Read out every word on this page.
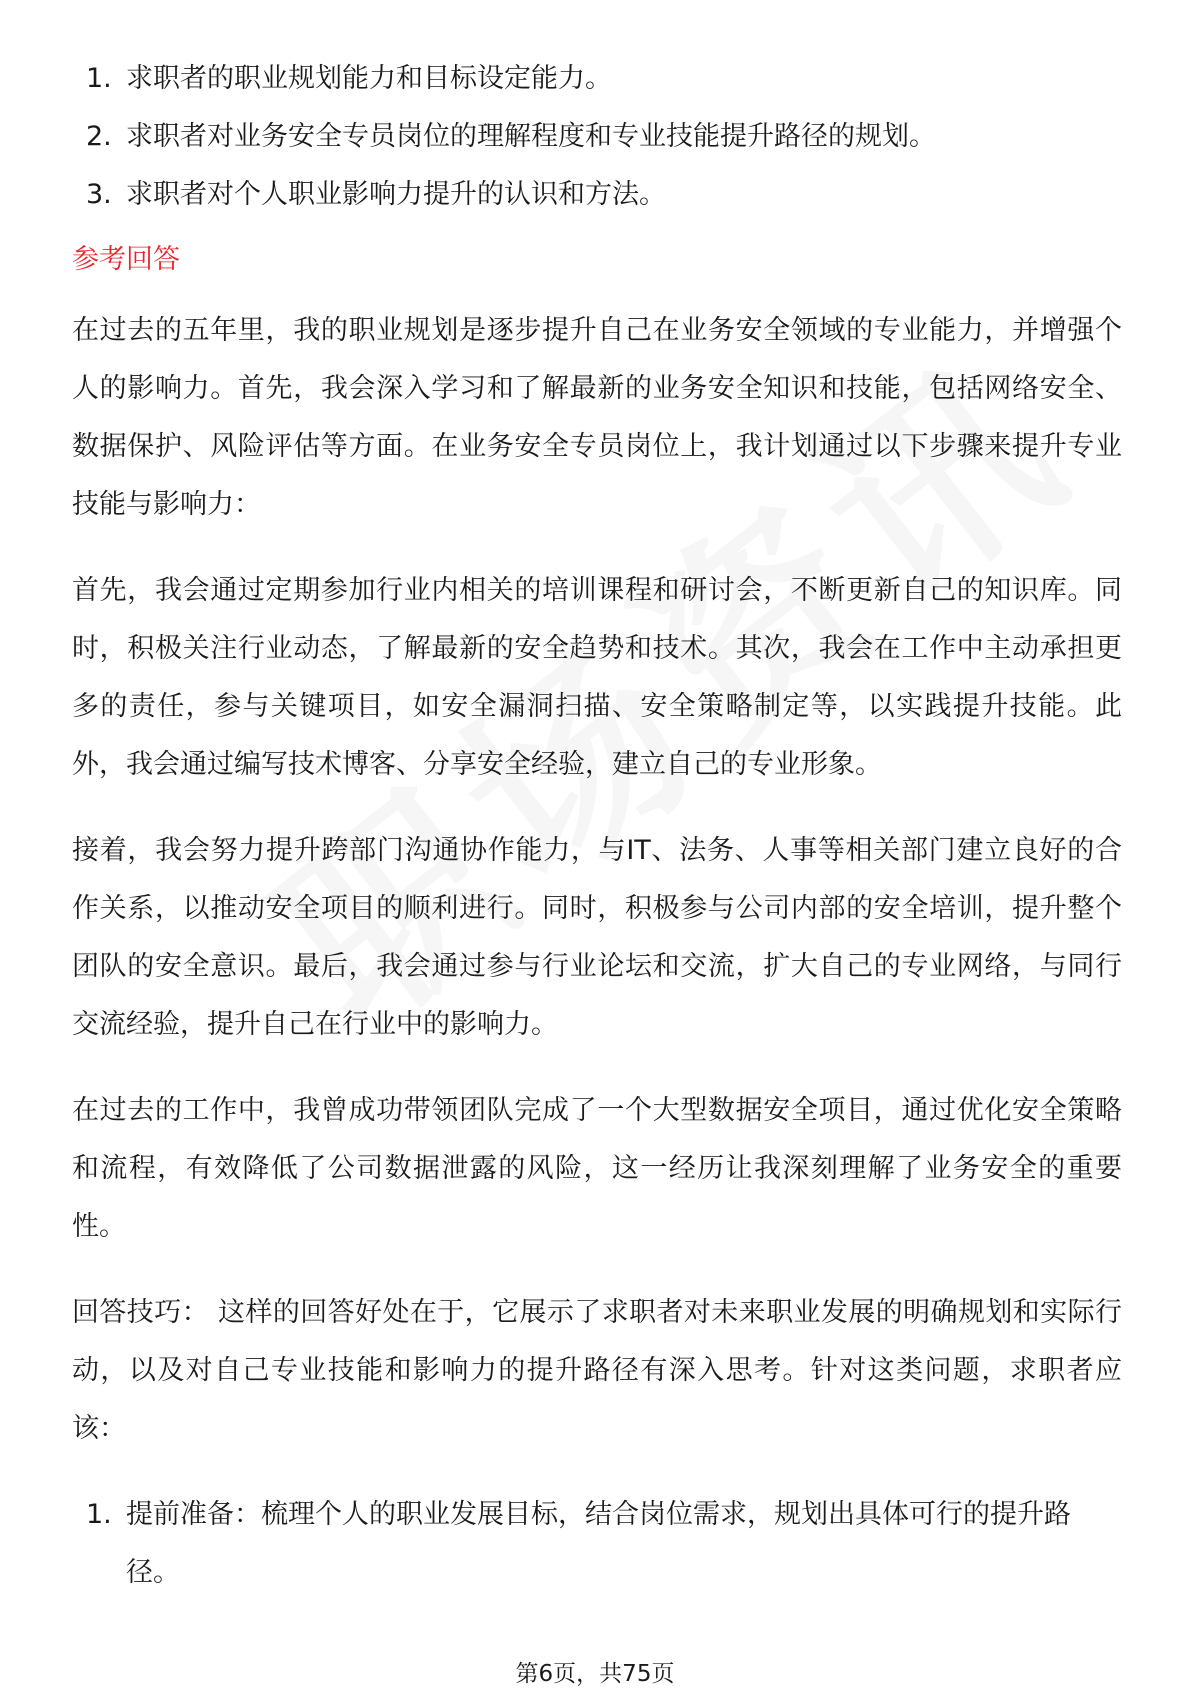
1. 求职者的职业规划能力和目标设定能力。
2. 求职者对业务安全专员岗位的理解程度和专业技能提升路径的规划。
3. 求职者对个人职业影响力提升的认识和方法。
参考回答

在过去的五年里，我的职业规划是逐步提升自己在业务安全领域的专业能力，并增强个人的影响力。首先，我会深入学习和了解最新的业务安全知识和技能，包括网络安全、数据保护、风险评估等方面。在业务安全专员岗位上，我计划通过以下步骤来提升专业技能与影响力：

首先，我会通过定期参加行业内相关的培训课程和研讨会，不断更新自己的知识库。同时，积极关注行业动态，了解最新的安全趋势和技术。其次，我会在工作中主动承担更多的责任，参与关键项目，如安全漏洞扫描、安全策略制定等，以实践提升技能。此外，我会通过编写技术博客、分享安全经验，建立自己的专业形象。

接着，我会努力提升跨部门沟通协作能力，与IT、法务、人事等相关部门建立良好的合作关系，以推动安全项目的顺利进行。同时，积极参与公司内部的安全培训，提升整个团队的安全意识。最后，我会通过参与行业论坛和交流，扩大自己的专业网络，与同行交流经验，提升自己在行业中的影响力。

在过去的工作中，我曾成功带领团队完成了一个大型数据安全项目，通过优化安全策略和流程，有效降低了公司数据泄露的风险，这一经历让我深刻理解了业务安全的重要性。

回答技巧： 这样的回答好处在于，它展示了求职者对未来职业发展的明确规划和实际行动，以及对自己专业技能和影响力的提升路径有深入思考。针对这类问题，求职者应该：

1. 提前准备：梳理个人的职业发展目标，结合岗位需求，规划出具体可行的提升路径。
第6页，共75页
